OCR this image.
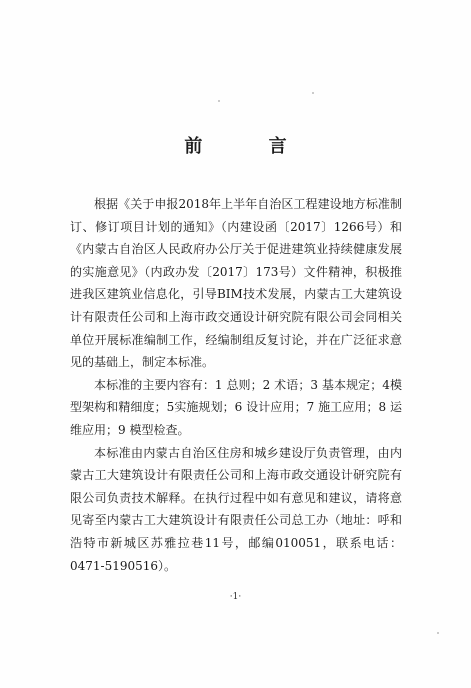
前 言

根据《关于申报2018年上半年自治区工程建设地方标准制订、修订项目计划的通知》（内建设函〔2017〕1266号）和《内蒙古自治区人民政府办公厅关于促进建筑业持续健康发展的实施意见》（内政办发〔2017〕173号）文件精神，积极推进我区建筑业信息化，引导BIM技术发展，内蒙古工大建筑设计有限责任公司和上海市政交通设计研究院有限公司会同相关单位开展标准编制工作，经编制组反复讨论，并在广泛征求意见的基础上，制定本标准。

本标准的主要内容有：1 总则；2 术语；3 基本规定；4模型架构和精细度；5实施规划；6 设计应用；7 施工应用；8 运维应用；9 模型检查。

本标准由内蒙古自治区住房和城乡建设厅负责管理，由内蒙古工大建筑设计有限责任公司和上海市政交通设计研究院有限公司负责技术解释。在执行过程中如有意见和建议，请将意见寄至内蒙古工大建筑设计有限责任公司总工办（地址：呼和浩特市新城区苏雅拉巷11号，邮编010051，联系电话：0471-5190516）。

·1·
